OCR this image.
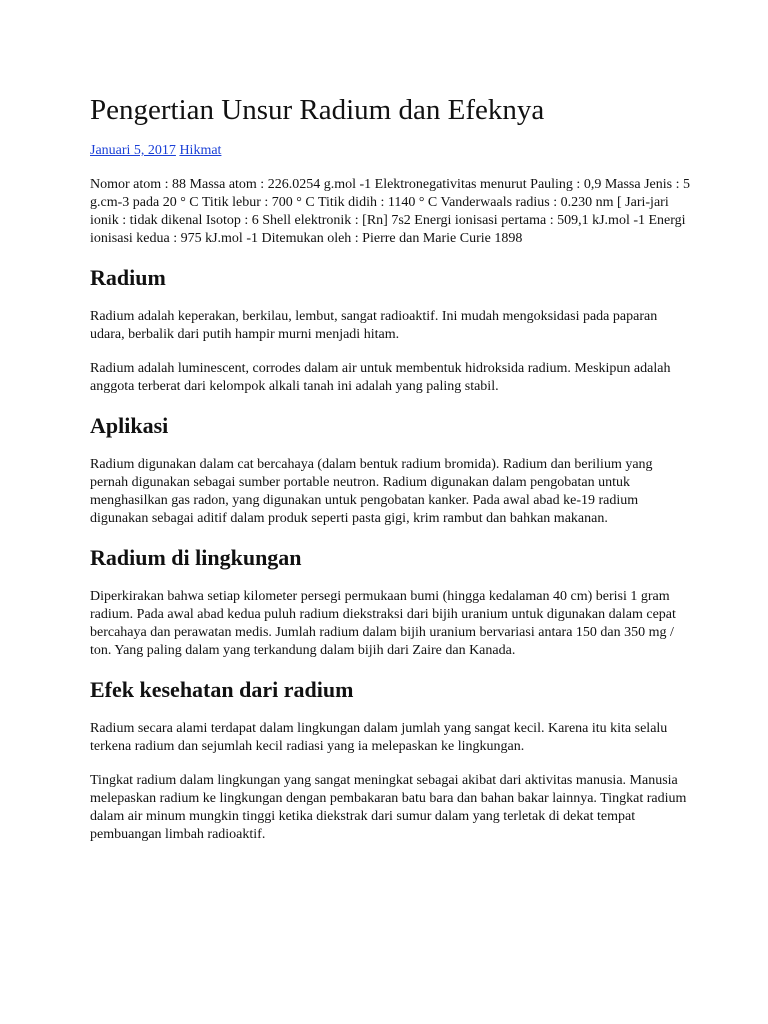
Pengertian Unsur Radium dan Efeknya
Januari 5, 2017 Hikmat

Nomor atom : 88 Massa atom : 226.0254 g.mol -1 Elektronegativitas menurut Pauling : 0,9 Massa Jenis : 5 g.cm-3 pada 20 ° C Titik lebur : 700 ° C Titik didih : 1140 ° C Vanderwaals radius : 0.230 nm [ Jari-jari ionik : tidak dikenal Isotop : 6 Shell elektronik : [Rn] 7s2 Energi ionisasi pertama : 509,1 kJ.mol -1 Energi ionisasi kedua : 975 kJ.mol -1 Ditemukan oleh : Pierre dan Marie Curie 1898

Radium

Radium adalah keperakan, berkilau, lembut, sangat radioaktif. Ini mudah mengoksidasi pada paparan udara, berbalik dari putih hampir murni menjadi hitam.

Radium adalah luminescent, corrodes dalam air untuk membentuk hidroksida radium. Meskipun adalah anggota terberat dari kelompok alkali tanah ini adalah yang paling stabil.

Aplikasi

Radium digunakan dalam cat bercahaya (dalam bentuk radium bromida). Radium dan berilium yang pernah digunakan sebagai sumber portable neutron. Radium digunakan dalam pengobatan untuk menghasilkan gas radon, yang digunakan untuk pengobatan kanker. Pada awal abad ke-19 radium digunakan sebagai aditif dalam produk seperti pasta gigi, krim rambut dan bahkan makanan.

Radium di lingkungan

Diperkirakan bahwa setiap kilometer persegi permukaan bumi (hingga kedalaman 40 cm) berisi 1 gram radium. Pada awal abad kedua puluh radium diekstraksi dari bijih uranium untuk digunakan dalam cepat bercahaya dan perawatan medis. Jumlah radium dalam bijih uranium bervariasi antara 150 dan 350 mg / ton. Yang paling dalam yang terkandung dalam bijih dari Zaire dan Kanada.

Efek kesehatan dari radium

Radium secara alami terdapat dalam lingkungan dalam jumlah yang sangat kecil. Karena itu kita selalu terkena radium dan sejumlah kecil radiasi yang ia melepaskan ke lingkungan.

Tingkat radium dalam lingkungan yang sangat meningkat sebagai akibat dari aktivitas manusia. Manusia melepaskan radium ke lingkungan dengan pembakaran batu bara dan bahan bakar lainnya. Tingkat radium dalam air minum mungkin tinggi ketika diekstrak dari sumur dalam yang terletak di dekat tempat pembuangan limbah radioaktif.
